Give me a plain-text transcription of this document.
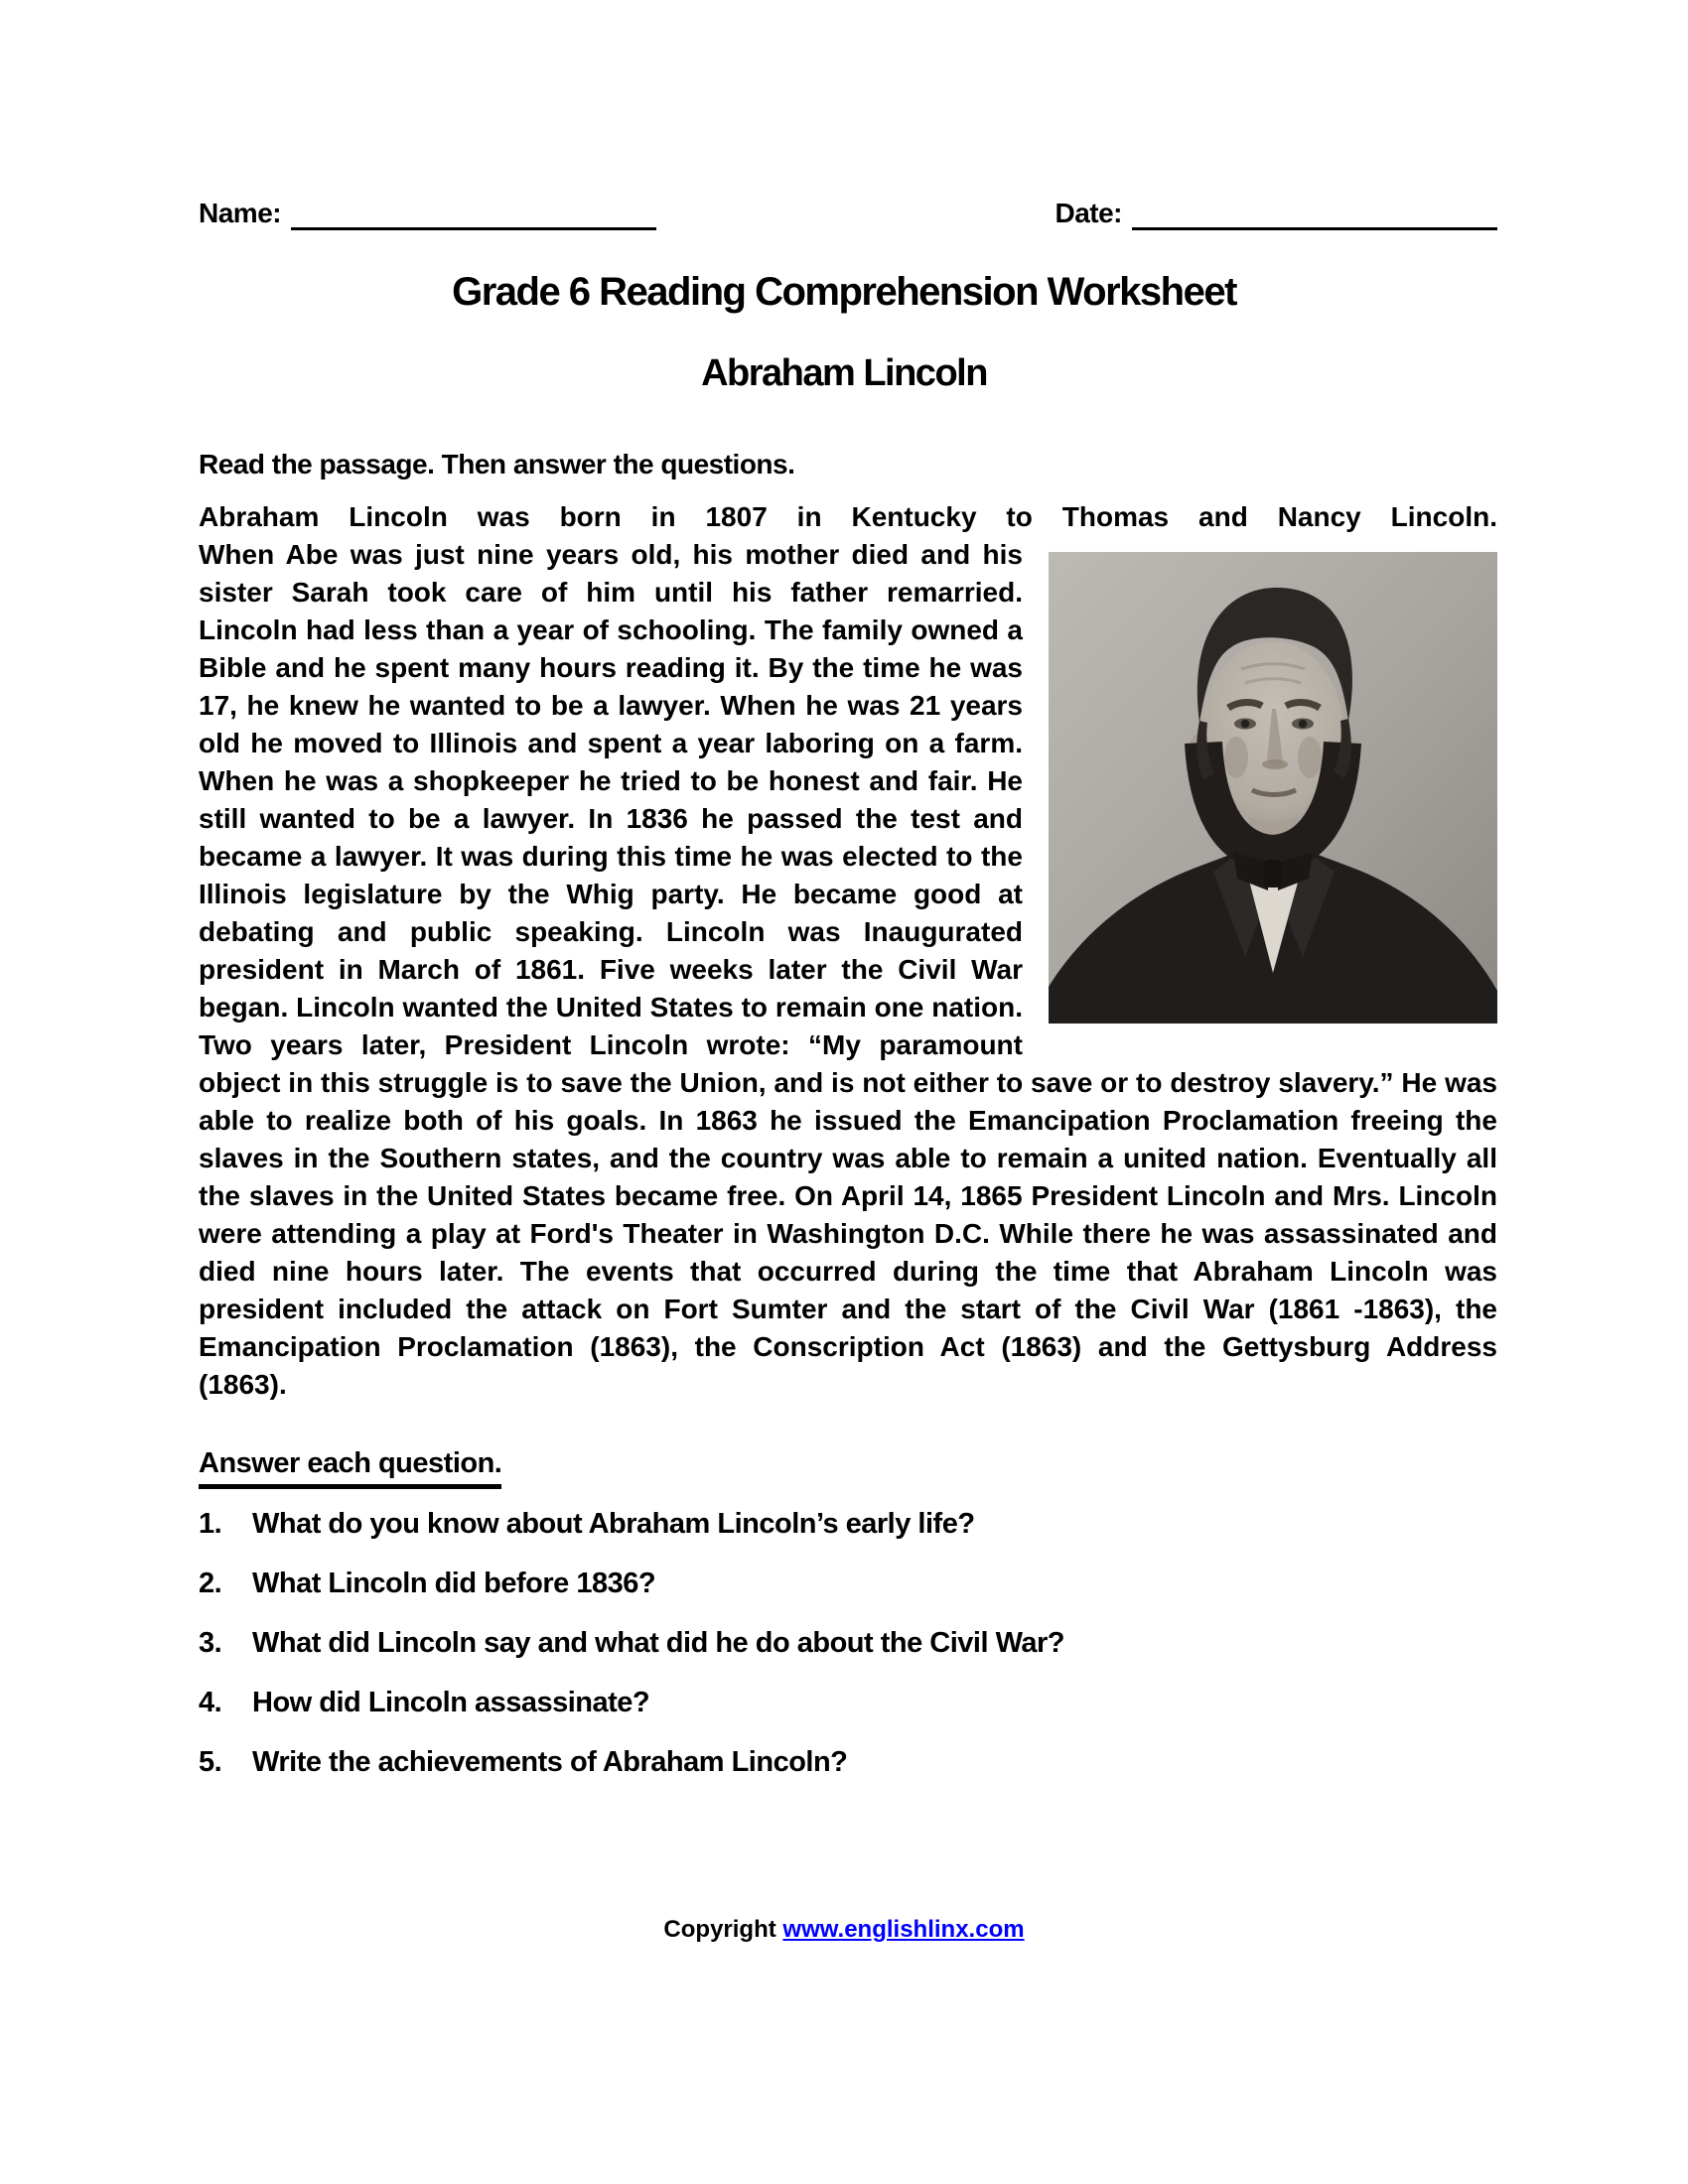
Name:	Date:
Grade 6 Reading Comprehension Worksheet
Abraham Lincoln

Read the passage. Then answer the questions.

Abraham Lincoln was born in 1807 in Kentucky to Thomas and Nancy Lincoln.
When Abe was just nine years old, his mother died and his sister Sarah took care of him until his father remarried. Lincoln had less than a year of schooling. The family owned a Bible and he spent many hours reading it. By the time he was 17, he knew he wanted to be a lawyer. When he was 21 years old he moved to Illinois and spent a year laboring on a farm. When he was a shopkeeper he tried to be honest and fair. He still wanted to be a lawyer. In 1836 he passed the test and became a lawyer. It was during this time he was elected to the Illinois legislature by the Whig party. He became good at debating and public speaking. Lincoln was Inaugurated president in March of 1861. Five weeks later the Civil War began. Lincoln wanted the United States to remain one nation. Two years later, President Lincoln wrote: “My paramount object in this struggle is to save the Union, and is not either to save or to destroy slavery.” He was able to realize both of his goals. In 1863 he issued the Emancipation Proclamation freeing the slaves in the Southern states, and the country was able to remain a united nation. Eventually all the slaves in the United States became free. On April 14, 1865 President Lincoln and Mrs. Lincoln were attending a play at Ford's Theater in Washington D.C. While there he was assassinated and died nine hours later. The events that occurred during the time that Abraham Lincoln was president included the attack on Fort Sumter and the start of the Civil War (1861 -1863), the Emancipation Proclamation (1863), the Conscription Act (1863) and the Gettysburg Address (1863).

Answer each question.

1.	What do you know about Abraham Lincoln’s early life?
2.	What Lincoln did before 1836?
3.	What did Lincoln say and what did he do about the Civil War?
4.	How did Lincoln assassinate?
5.	Write the achievements of Abraham Lincoln?
Copyright www.englishlinx.com
